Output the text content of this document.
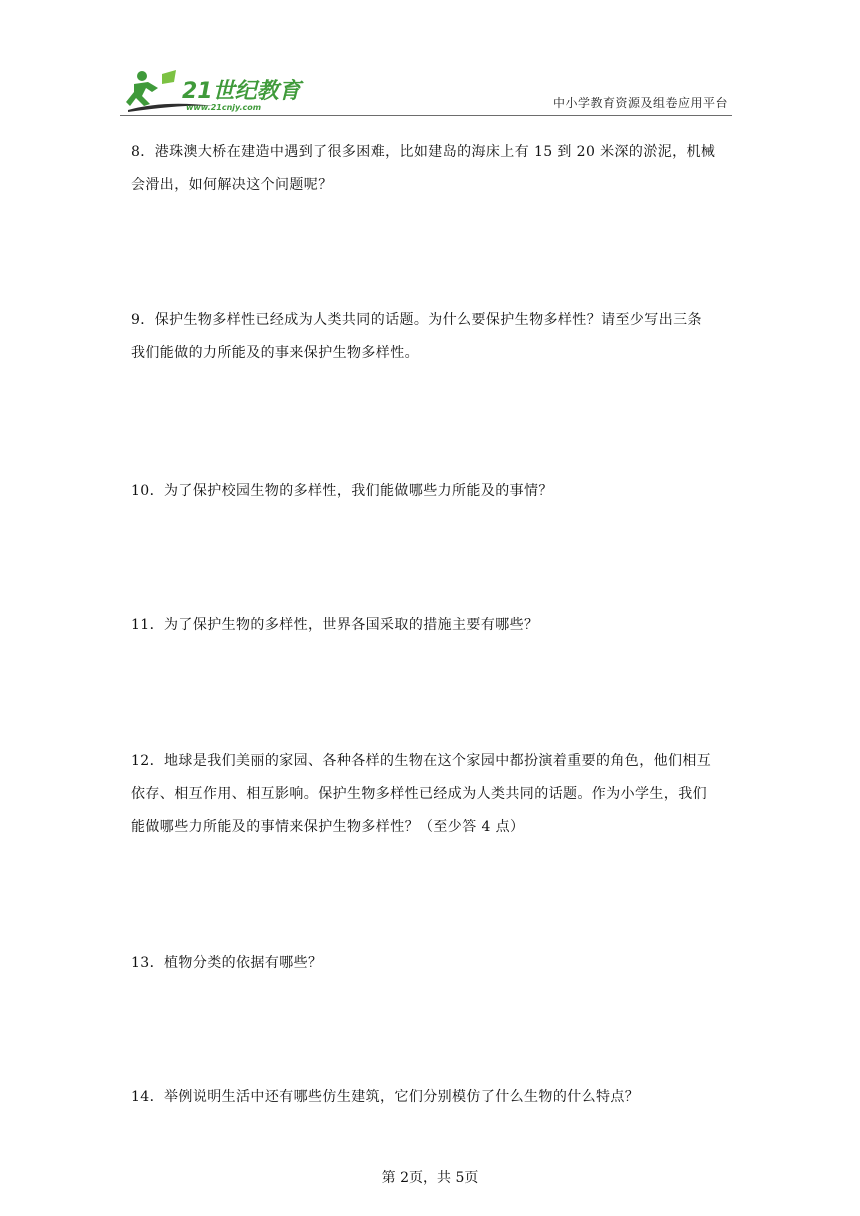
21世纪教育
www.21cnjy.com	中小学教育资源及组卷应用平台
8．港珠澳大桥在建造中遇到了很多困难，比如建岛的海床上有 15 到 20 米深的淤泥，机械
会滑出，如何解决这个问题呢？
9．保护生物多样性已经成为人类共同的话题。为什么要保护生物多样性？请至少写出三条
我们能做的力所能及的事来保护生物多样性。
10．为了保护校园生物的多样性，我们能做哪些力所能及的事情？
11．为了保护生物的多样性，世界各国采取的措施主要有哪些？
12．地球是我们美丽的家园、各种各样的生物在这个家园中都扮演着重要的角色，他们相互
依存、相互作用、相互影响。保护生物多样性已经成为人类共同的话题。作为小学生，我们
能做哪些力所能及的事情来保护生物多样性？（至少答 4 点）
13．植物分类的依据有哪些？
14．举例说明生活中还有哪些仿生建筑，它们分别模仿了什么生物的什么特点？
第 2页，共 5页
